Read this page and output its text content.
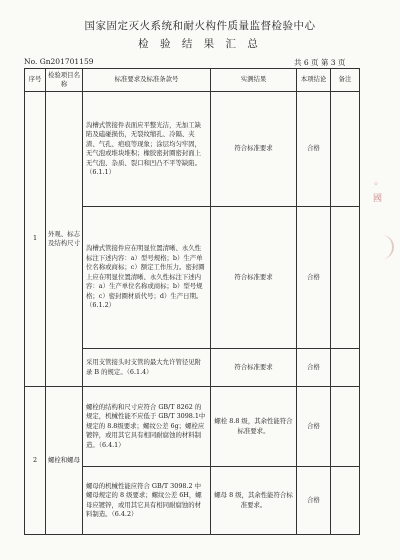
国家固定灭火系统和耐火构件质量监督检验中心
检 验 结 果 汇 总
No. Gn201701159	共 6 页 第 3 页
序号	检验项目名称	标准要求及标准条款号	实测结果	本项结论	备注
1	外观、标志及结构尺寸	沟槽式管接件表面应平整光洁，无加工缺陷及磕碰损伤，无裂纹缩孔、冷隔、夹渣、气孔、疤痕等现象；涂层均匀牢固，无气泡或堆块堆积；橡胶密封圈密封面上无气泡、杂质、裂口和凹凸不平等缺陷。（6.1.1）	符合标准要求	合格	
		沟槽式管接件应在明显位置清晰、永久性标注下述内容：a）型号规格；b）生产单位名称或商标；c）额定工作压力。密封圈上应在明显位置清晰、永久性标注下述内容：a）生产单位名称或商标；b）型号规格；c）密封圈材质代号；d）生产日期。（6.1.2）	符合标准要求	合格	
		采用支管接头时支管的最大允许管径见附录 B 的规定。（6.1.4）	符合标准要求	合格	
2	螺栓和螺母	螺栓的结构和尺寸应符合 GB/T 8262 的规定，机械性能不应低于 GB/T 3098.1中规定的 8.8级要求；螺纹公差 6g；螺栓应镀锌，或用其它具有相同耐腐蚀的材料制造。（6.4.1）	螺栓 8.8 级，其余性能符合标准要求。	合格	
		螺母的机械性能应符合 GB/T 3098.2 中螺母规定的 8 级要求；螺纹公差 6H，螺母应镀锌，或用其它具有相同耐腐蚀的材料制造。（6.4.2）	螺母 8 级，其余性能符合标准要求。	合格	
◦ 國
